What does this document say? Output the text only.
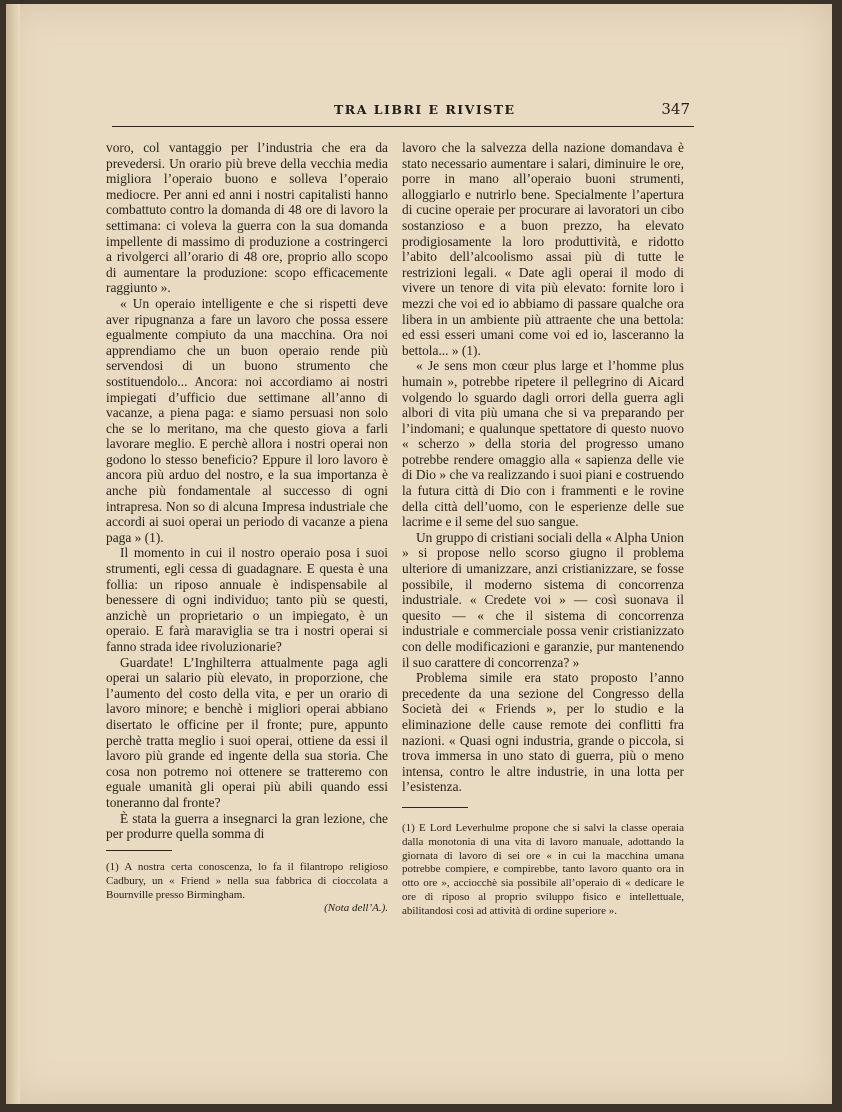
TRA LIBRI E RIVISTE	347

voro, col vantaggio per l’industria che era da prevedersi. Un orario più breve della vecchia media migliora l’operaio buono e solleva l’operaio mediocre. Per anni ed anni i nostri capitalisti hanno combattuto contro la domanda di 48 ore di lavoro la settimana: ci voleva la guerra con la sua domanda impellente di massimo di produzione a costringerci a rivolgerci all’orario di 48 ore, proprio allo scopo di aumentare la produzione: scopo efficacemente raggiunto ».

« Un operaio intelligente e che si rispetti deve aver ripugnanza a fare un lavoro che possa essere egualmente compiuto da una macchina. Ora noi apprendiamo che un buon operaio rende più servendosi di un buono strumento che sostituendolo... Ancora: noi accordiamo ai nostri impiegati d’ufficio due settimane all’anno di vacanze, a piena paga: e siamo persuasi non solo che se lo meritano, ma che questo giova a farli lavorare meglio. E perchè allora i nostri operai non godono lo stesso beneficio? Eppure il loro lavoro è ancora più arduo del nostro, e la sua importanza è anche più fondamentale al successo di ogni intrapresa. Non so di alcuna Impresa industriale che accordi ai suoi operai un periodo di vacanze a piena paga » (1).

Il momento in cui il nostro operaio posa i suoi strumenti, egli cessa di guadagnare. E questa è una follia: un riposo annuale è indispensabile al benessere di ogni individuo; tanto più se questi, anzichè un proprietario o un impiegato, è un operaio. E farà maraviglia se tra i nostri operai si fanno strada idee rivoluzionarie?

Guardate! L’Inghilterra attualmente paga agli operai un salario più elevato, in proporzione, che l’aumento del costo della vita, e per un orario di lavoro minore; e benchè i migliori operai abbiano disertato le officine per il fronte; pure, appunto perchè tratta meglio i suoi operai, ottiene da essi il lavoro più grande ed ingente della sua storia. Che cosa non potremo noi ottenere se tratteremo con eguale umanità gli operai più abili quando essi toneranno dal fronte?

È stata la guerra a insegnarci la gran lezione, che per produrre quella somma di

(1) A nostra certa conoscenza, lo fa il filantropo religioso Cadbury, un « Friend » nella sua fabbrica di cioccolata a Bournville presso Birmingham.
(Nota dell’A.).

lavoro che la salvezza della nazione domandava è stato necessario aumentare i salari, diminuire le ore, porre in mano all’operaio buoni strumenti, alloggiarlo e nutrirlo bene. Specialmente l’apertura di cucine operaie per procurare ai lavoratori un cibo sostanzioso e a buon prezzo, ha elevato prodigiosamente la loro produttività, e ridotto l’abito dell’alcoolismo assai più di tutte le restrizioni legali. « Date agli operai il modo di vivere un tenore di vita più elevato: fornite loro i mezzi che voi ed io abbiamo di passare qualche ora libera in un ambiente più attraente che una bettola: ed essi esseri umani come voi ed io, lasceranno la bettola... » (1).

« Je sens mon cœur plus large et l’homme plus humain », potrebbe ripetere il pellegrino di Aicard volgendo lo sguardo dagli orrori della guerra agli albori di vita più umana che si va preparando per l’indomani; e qualunque spettatore di questo nuovo « scherzo » della storia del progresso umano potrebbe rendere omaggio alla « sapienza delle vie di Dio » che va realizzando i suoi piani e costruendo la futura città di Dio con i frammenti e le rovine della città dell’uomo, con le esperienze delle sue lacrime e il seme del suo sangue.

Un gruppo di cristiani sociali della « Alpha Union » si propose nello scorso giugno il problema ulteriore di umanizzare, anzi cristianizzare, se fosse possibile, il moderno sistema di concorrenza industriale. « Credete voi » — così suonava il quesito — « che il sistema di concorrenza industriale e commerciale possa venir cristianizzato con delle modificazioni e garanzie, pur mantenendo il suo carattere di concorrenza? »

Problema simile era stato proposto l’anno precedente da una sezione del Congresso della Società dei « Friends », per lo studio e la eliminazione delle cause remote dei conflitti fra nazioni. « Quasi ogni industria, grande o piccola, si trova immersa in uno stato di guerra, più o meno intensa, contro le altre industrie, in una lotta per l’esistenza.

(1) E Lord Leverhulme propone che si salvi la classe operaia dalla monotonia di una vita di lavoro manuale, adottando la giornata di lavoro di sei ore « in cui la macchina umana potrebbe compiere, e compirebbe, tanto lavoro quanto ora in otto ore », acciocchè sia possibile all’operaio di « dedicare le ore di riposo al proprio sviluppo fisico e intellettuale, abilitandosi così ad attività di ordine superiore ».
